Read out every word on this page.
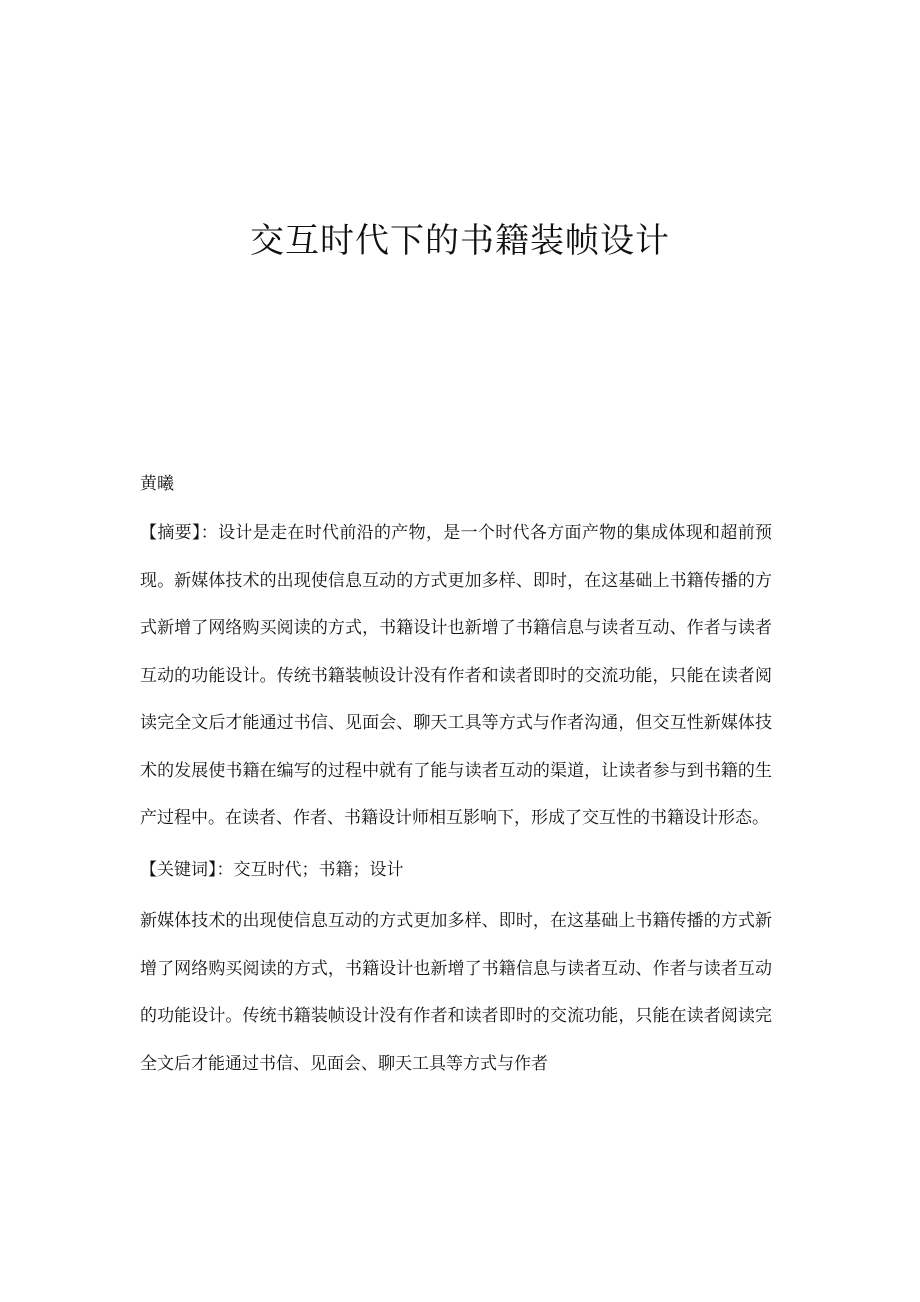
交互时代下的书籍装帧设计

黄曦

【摘要】：设计是走在时代前沿的产物，是一个时代各方面产物的集成体现和超前预现。新媒体技术的出现使信息互动的方式更加多样、即时，在这基础上书籍传播的方式新增了网络购买阅读的方式，书籍设计也新增了书籍信息与读者互动、作者与读者互动的功能设计。传统书籍装帧设计没有作者和读者即时的交流功能，只能在读者阅读完全文后才能通过书信、见面会、聊天工具等方式与作者沟通，但交互性新媒体技术的发展使书籍在编写的过程中就有了能与读者互动的渠道，让读者参与到书籍的生产过程中。在读者、作者、书籍设计师相互影响下，形成了交互性的书籍设计形态。

【关键词】：交互时代；书籍；设计

新媒体技术的出现使信息互动的方式更加多样、即时，在这基础上书籍传播的方式新增了网络购买阅读的方式，书籍设计也新增了书籍信息与读者互动、作者与读者互动的功能设计。传统书籍装帧设计没有作者和读者即时的交流功能，只能在读者阅读完全文后才能通过书信、见面会、聊天工具等方式与作者
